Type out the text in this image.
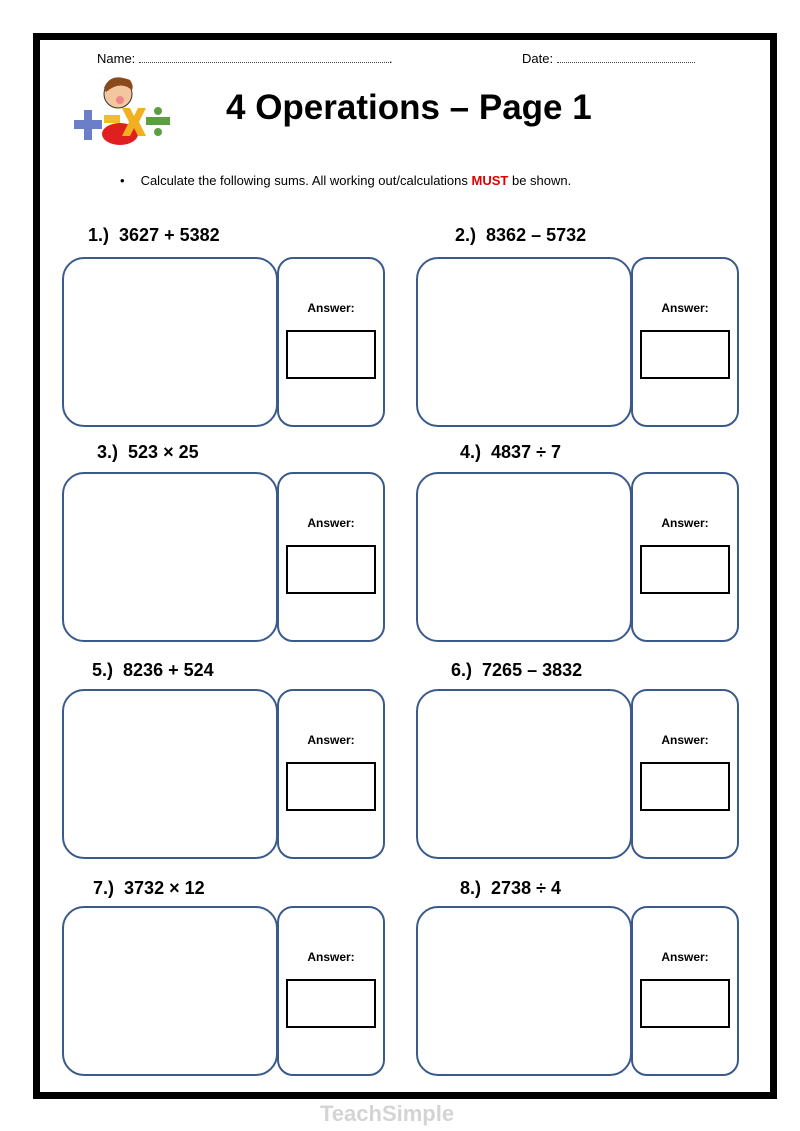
TeachSimple
Name:	.	Date:
4 Operations – Page 1
• Calculate the following sums. All working out/calculations MUST be shown.
1.) 3627 + 5382
Answer:
2.) 8362 – 5732
Answer:
3.) 523 × 25
Answer:
4.) 4837 ÷ 7
Answer:
5.) 8236 + 524
Answer:
6.) 7265 – 3832
Answer:
7.) 3732 × 12
Answer:
8.) 2738 ÷ 4
Answer:
